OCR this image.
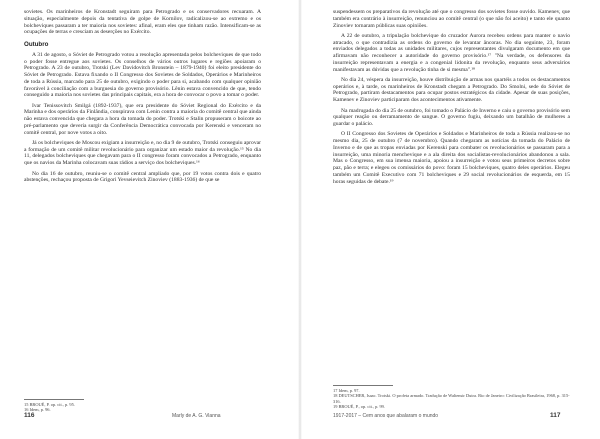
sovietes. Os marinheiros de Kronstadt seguiram para Petrogrado e os conservadores recuaram. A situação, especialmente depois da tentativa de golpe de Kornilov, radicalizou-se ao extremo e os bolcheviques passaram a ter maioria nos sovietes: afinal, eram eles que tinham razão. Intensificam-se as ocupações de terras e cresciam as deserções no Exército.

Outubro

A 31 de agosto, o Sóviet de Petrogrado votou a resolução apresentada pelos bolcheviques de que todo o poder fosse entregue aos sovietes. Os conselhos de vários outros lugares e regiões apoiaram o Petrogrado. A 23 de outubro, Trotski (Lev Davidovitch Bronstein – 1879-1940) foi eleito presidente do Sóviet de Petrogrado. Estava fixando o II Congresso dos Sovietes de Soldados, Operários e Marinheiros de toda a Rússia, marcado para 25 de outubro, exigindo o poder para si, acabando com qualquer opinião favorável à conciliação com a burguesia do governo provisório. Lênin estava convencido de que, tendo conseguido a maioria nos sovietes das principais capitais, era a hora de convocar o povo a tomar o poder.

Ivar Tenissovitch Smilgá (1892-1937), que era presidente do Sóviet Regional do Exército e da Marinha e dos operários da Finlândia, conspirava com Lenin contra a maioria do comitê central que ainda não estava convencida que chegara a hora da tomada do poder. Trotski e Stalin propuseram o boicote ao pré-parlamento que deveria surgir da Conferência Democrática convocada por Kerenski e venceram no comitê central, por nove votos a oito.

Já os bolcheviques de Moscou exigiam a insurreição e, no dia 9 de outubro, Trotski conseguiu aprovar a formação de um comitê militar revolucionário para organizar um estado maior da revolução.¹⁵ No dia 11, delegados bolcheviques que chegavam para o II congresso foram convocados a Petrogrado, enquanto que os navios da Marinha colocavam suas rádios a serviço dos bolcheviques.¹⁶

No dia 16 de outubro, reuniu-se o comitê central ampliado que, por 19 votos contra dois e quatro abstenções, rechaçou proposta de Grigori Yevseievitch Zinoviev (1883-1936) de que se

15 BROUÉ, P. op. cit., p. 95.
16 Idem, p. 96.
116	Marly de A. G. Vianna

suspendessem os preparativos da revolução até que o congresso dos sovietes fosse ouvido. Kamenev, que também era contrário à insurreição, renunciou ao comitê central (o que não foi aceito) e tanto ele quanto Zinoviev tornaram públicas suas opiniões.

A 22 de outubro, a tripulação bolchevique do cruzador Aurora recebeu ordens para manter o navio atracado, o que contradizia as ordens do governo de levantar âncoras. No dia seguinte, 23, foram enviados delegados a todas as unidades militares, cujos representantes divulgaram documento em que afirmavam não reconhecer a autoridade do governo provisório.¹⁷ "Na verdade, os defensores da insurreição representavam a energia e a congenial lidonita da revolução, enquanto seus adversários manifestavam as dúvidas que a revolução tinha de si mesma".¹⁸

No dia 24, véspera da insurreição, houve distribuição de armas nos quartéis a todos os destacamentos operários e, à tarde, os marinheiros de Kronstadt chegam a Petrogrado. Do Smolni, sede do Sóviet de Petrogrado, partiram destacamentos para ocupar postos estratégicos da cidade. Apesar de suas posições, Kamenev e Zinoviev participaram dos acontecimentos ativamente.

Na madrugada do dia 25 de outubro, foi tomado o Palácio de Inverno e caiu o governo provisório sem qualquer reação ou derramamento de sangue. O governo fugiu, deixando um batalhão de mulheres a guardar o palácio.

O II Congresso dos Sovietes de Operários e Soldados e Marinheiros de toda a Rússia realizou-se no mesmo dia, 25 de outubro (7 de novembro). Quando chegaram as notícias da tomada do Palácio de Inverno e de que as tropas enviadas por Kerenski para combater os revolucionários se passaram para a insurreição, uma minoria menchevique e a ala direita dos socialistas-revolucionários abandonou a sala. Mas o Congresso, em sua imensa maioria, apoiou a insurreição e votou seus primeiros decretos sobre paz, pão e terra; e elegeu os comissários do povo: foram 15 bolcheviques, quatro deles operários. Elegeu também um Comitê Executivo com 71 bolcheviques e 29 social revolucionários de esquerda, em 15 horas seguidas de debate.¹⁹

17 Idem, p. 97.
18 DEUTSCHER, Isaac. Trotski. O profeta armado. Tradução de Waltensir Dutra. Rio de Janeiro: Civilização Brasileira, 1968, p. 315-316.
19 BROUÉ, P., op. cit., p. 99.
1917-2017 – Cem anos que abalaram o mundo	117
